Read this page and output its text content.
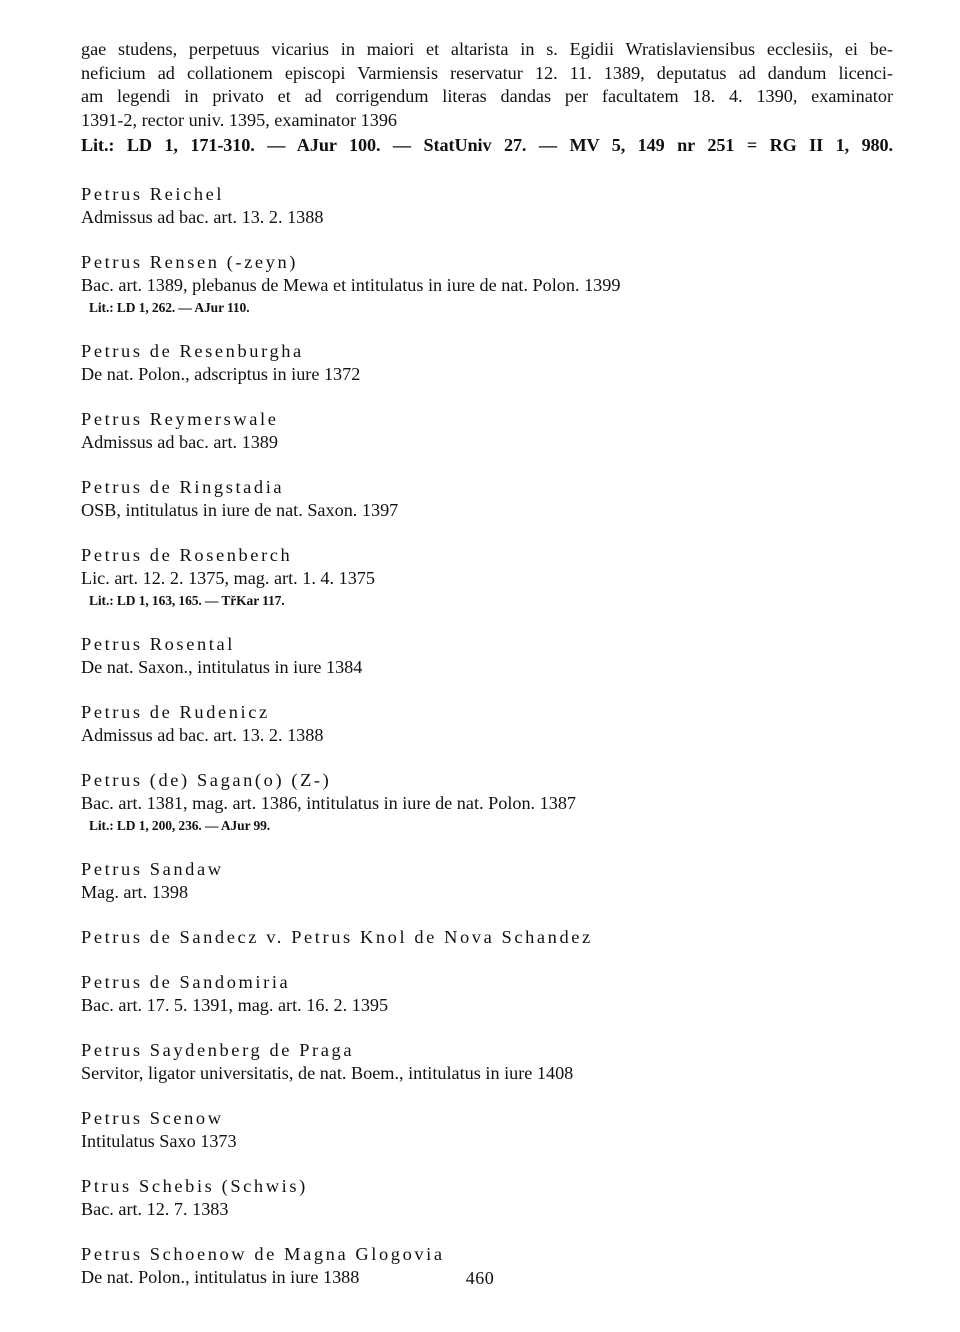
gae studens, perpetuus vicarius in maiori et altarista in s. Egidii Wratislaviensibus ecclesiis, ei be-

neficium ad collationem episcopi Varmiensis reservatur 12. 11. 1389, deputatus ad dandum licenci-

am legendi in privato et ad corrigendum literas dandas per facultatem 18. 4. 1390, examinator

1391-2, rector univ. 1395, examinator 1396

Lit.: LD 1, 171-310. — AJur 100. — StatUniv 27. — MV 5, 149 nr 251 = RG II 1, 980.

Petrus Reichel

Admissus ad bac. art. 13. 2. 1388

Petrus Rensen (-zeyn)

Bac. art. 1389, plebanus de Mewa et intitulatus in iure de nat. Polon. 1399

Lit.: LD 1, 262. — AJur 110.

Petrus de Resenburgha

De nat. Polon., adscriptus in iure 1372

Petrus Reymerswale

Admissus ad bac. art. 1389

Petrus de Ringstadia

OSB, intitulatus in iure de nat. Saxon. 1397

Petrus de Rosenberch

Lic. art. 12. 2. 1375, mag. art. 1. 4. 1375

Lit.: LD 1, 163, 165. — TřKar 117.

Petrus Rosental

De nat. Saxon., intitulatus in iure 1384

Petrus de Rudenicz

Admissus ad bac. art. 13. 2. 1388

Petrus (de) Sagan(o) (Z-)

Bac. art. 1381, mag. art. 1386, intitulatus in iure de nat. Polon. 1387

Lit.: LD 1, 200, 236. — AJur 99.

Petrus Sandaw

Mag. art. 1398

Petrus de Sandecz v. Petrus Knol de Nova Schandez

Petrus de Sandomiria

Bac. art. 17. 5. 1391, mag. art. 16. 2. 1395

Petrus Saydenberg de Praga

Servitor, ligator universitatis, de nat. Boem., intitulatus in iure 1408

Petrus Scenow

Intitulatus Saxo 1373

Ptrus Schebis (Schwis)

Bac. art. 12. 7. 1383

Petrus Schoenow de Magna Glogovia

De nat. Polon., intitulatus in iure 1388	460
